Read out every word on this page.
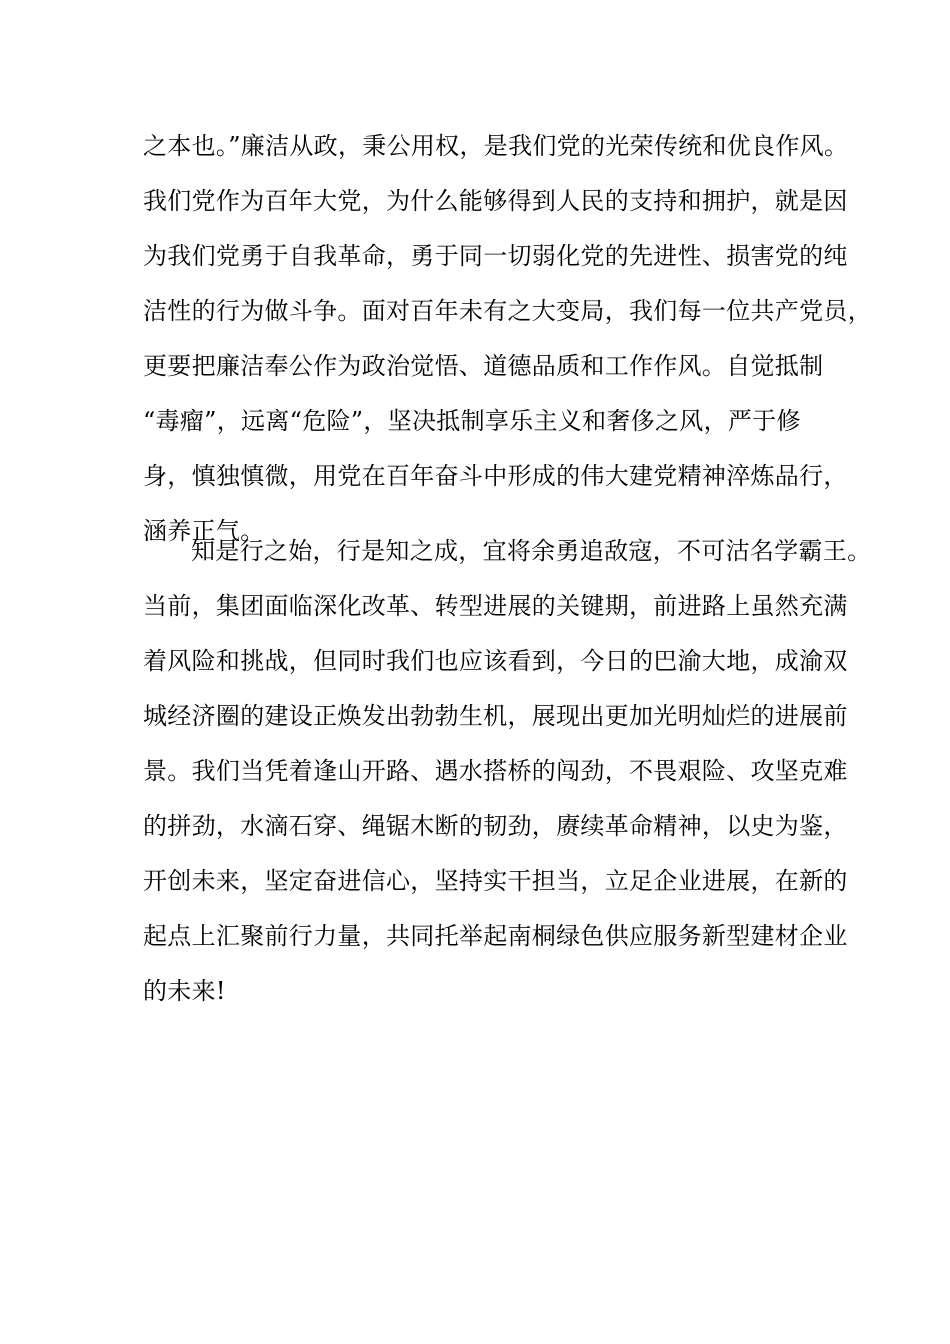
之本也。”廉洁从政，秉公用权，是我们党的光荣传统和优良作风。
我们党作为百年大党，为什么能够得到人民的支持和拥护，就是因
为我们党勇于自我革命，勇于同一切弱化党的先进性、损害党的纯
洁性的行为做斗争。面对百年未有之大变局，我们每一位共产党员，
更要把廉洁奉公作为政治觉悟、道德品质和工作作风。自觉抵制
“毒瘤”，远离“危险”，坚决抵制享乐主义和奢侈之风，严于修
身，慎独慎微，用党在百年奋斗中形成的伟大建党精神淬炼品行，
涵养正气。
知是行之始，行是知之成，宜将余勇追敌寇，不可沽名学霸王。
当前，集团面临深化改革、转型进展的关键期，前进路上虽然充满
着风险和挑战，但同时我们也应该看到，今日的巴渝大地，成渝双
城经济圈的建设正焕发出勃勃生机，展现出更加光明灿烂的进展前
景。我们当凭着逢山开路、遇水搭桥的闯劲，不畏艰险、攻坚克难
的拼劲，水滴石穿、绳锯木断的韧劲，赓续革命精神，以史为鉴，
开创未来，坚定奋进信心，坚持实干担当，立足企业进展，在新的
起点上汇聚前行力量，共同托举起南桐绿色供应服务新型建材企业
的未来!
